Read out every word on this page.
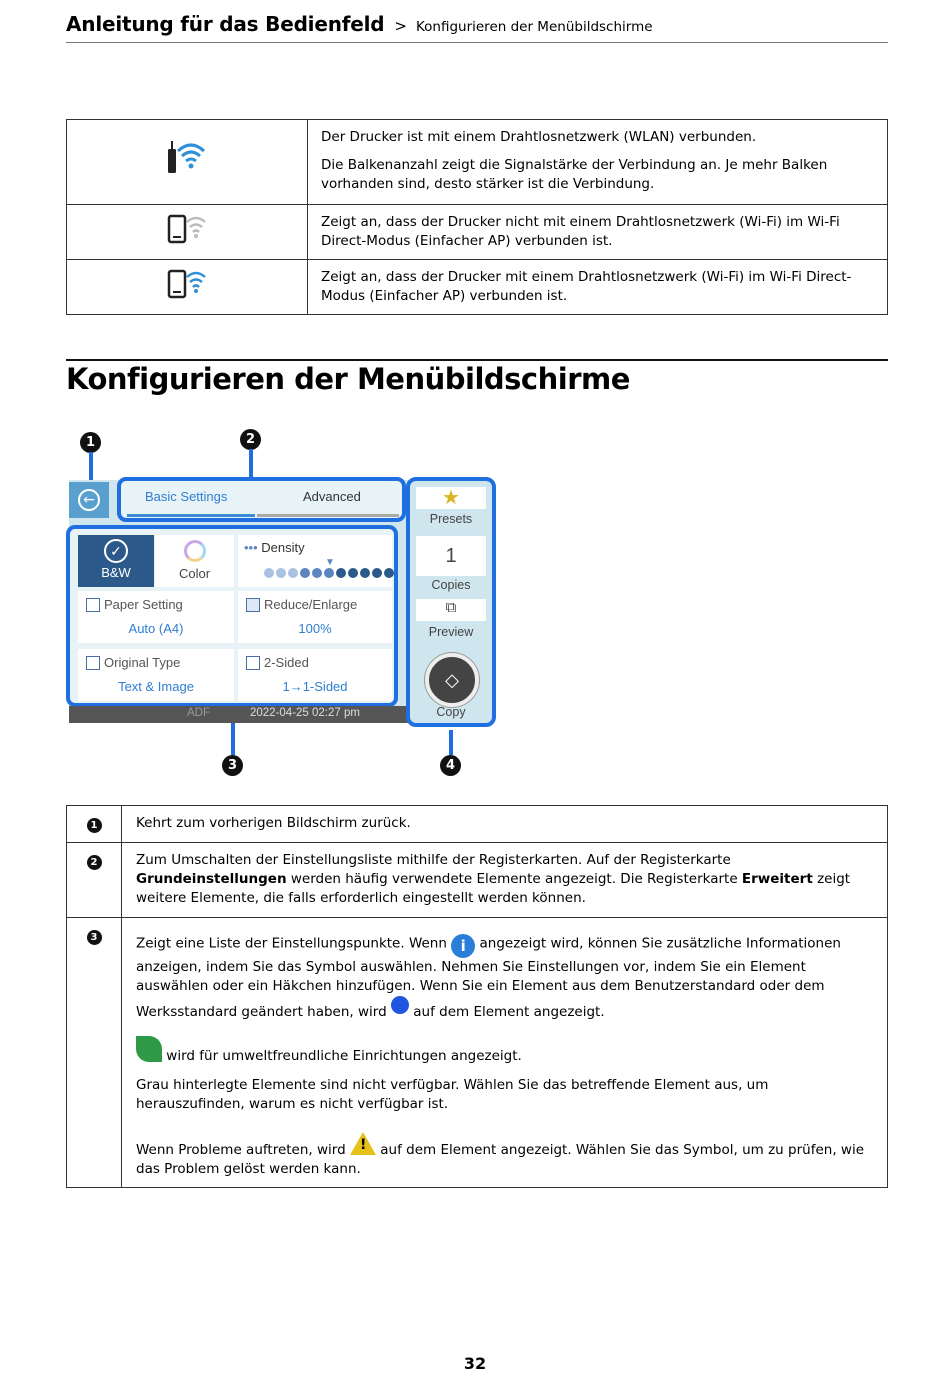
Anleitung für das Bedienfeld > Konfigurieren der Menübildschirme

Der Drucker ist mit einem Drahtlosnetzwerk (WLAN) verbunden.

Die Balkenanzahl zeigt die Signalstärke der Verbindung an. Je mehr Balken vorhanden sind, desto stärker ist die Verbindung.

Zeigt an, dass der Drucker nicht mit einem Drahtlosnetzwerk (Wi-Fi) im Wi-Fi Direct-Modus (Einfacher AP) verbunden ist.

Zeigt an, dass der Drucker mit einem Drahtlosnetzwerk (Wi-Fi) im Wi-Fi Direct-Modus (Einfacher AP) verbunden ist.

Konfigurieren der Menübildschirme
1	2
3	4
←	Basic Settings	Advanced
✓
B&W	Color
••• Density
▼
Paper Setting
Auto (A4)
Reduce/Enlarge
100%
Original Type
Text & Image
2-Sided
1→1-Sided
ADF	2022-04-25 02:27 pm
★
Presets
1
Copies
⧉
Preview
◇
Copy
1	Kehrt zum vorherigen Bildschirm zurück.
2	Zum Umschalten der Einstellungsliste mithilfe der Registerkarten. Auf der Registerkarte Grundeinstellungen werden häufig verwendete Elemente angezeigt. Die Registerkarte Erweitert zeigt weitere Elemente, die falls erforderlich eingestellt werden können.
3	Zeigt eine Liste der Einstellungspunkte. Wenn i angezeigt wird, können Sie zusätzliche Informationen anzeigen, indem Sie das Symbol auswählen. Nehmen Sie Einstellungen vor, indem Sie ein Element auswählen oder ein Häkchen hinzufügen. Wenn Sie ein Element aus dem Benutzerstandard oder dem Werksstandard geändert haben, wird  auf dem Element angezeigt.

wird für umweltfreundliche Einrichtungen angezeigt.

Grau hinterlegte Elemente sind nicht verfügbar. Wählen Sie das betreffende Element aus, um herauszufinden, warum es nicht verfügbar ist.

Wenn Probleme auftreten, wird ! auf dem Element angezeigt. Wählen Sie das Symbol, um zu prüfen, wie das Problem gelöst werden kann.

32
